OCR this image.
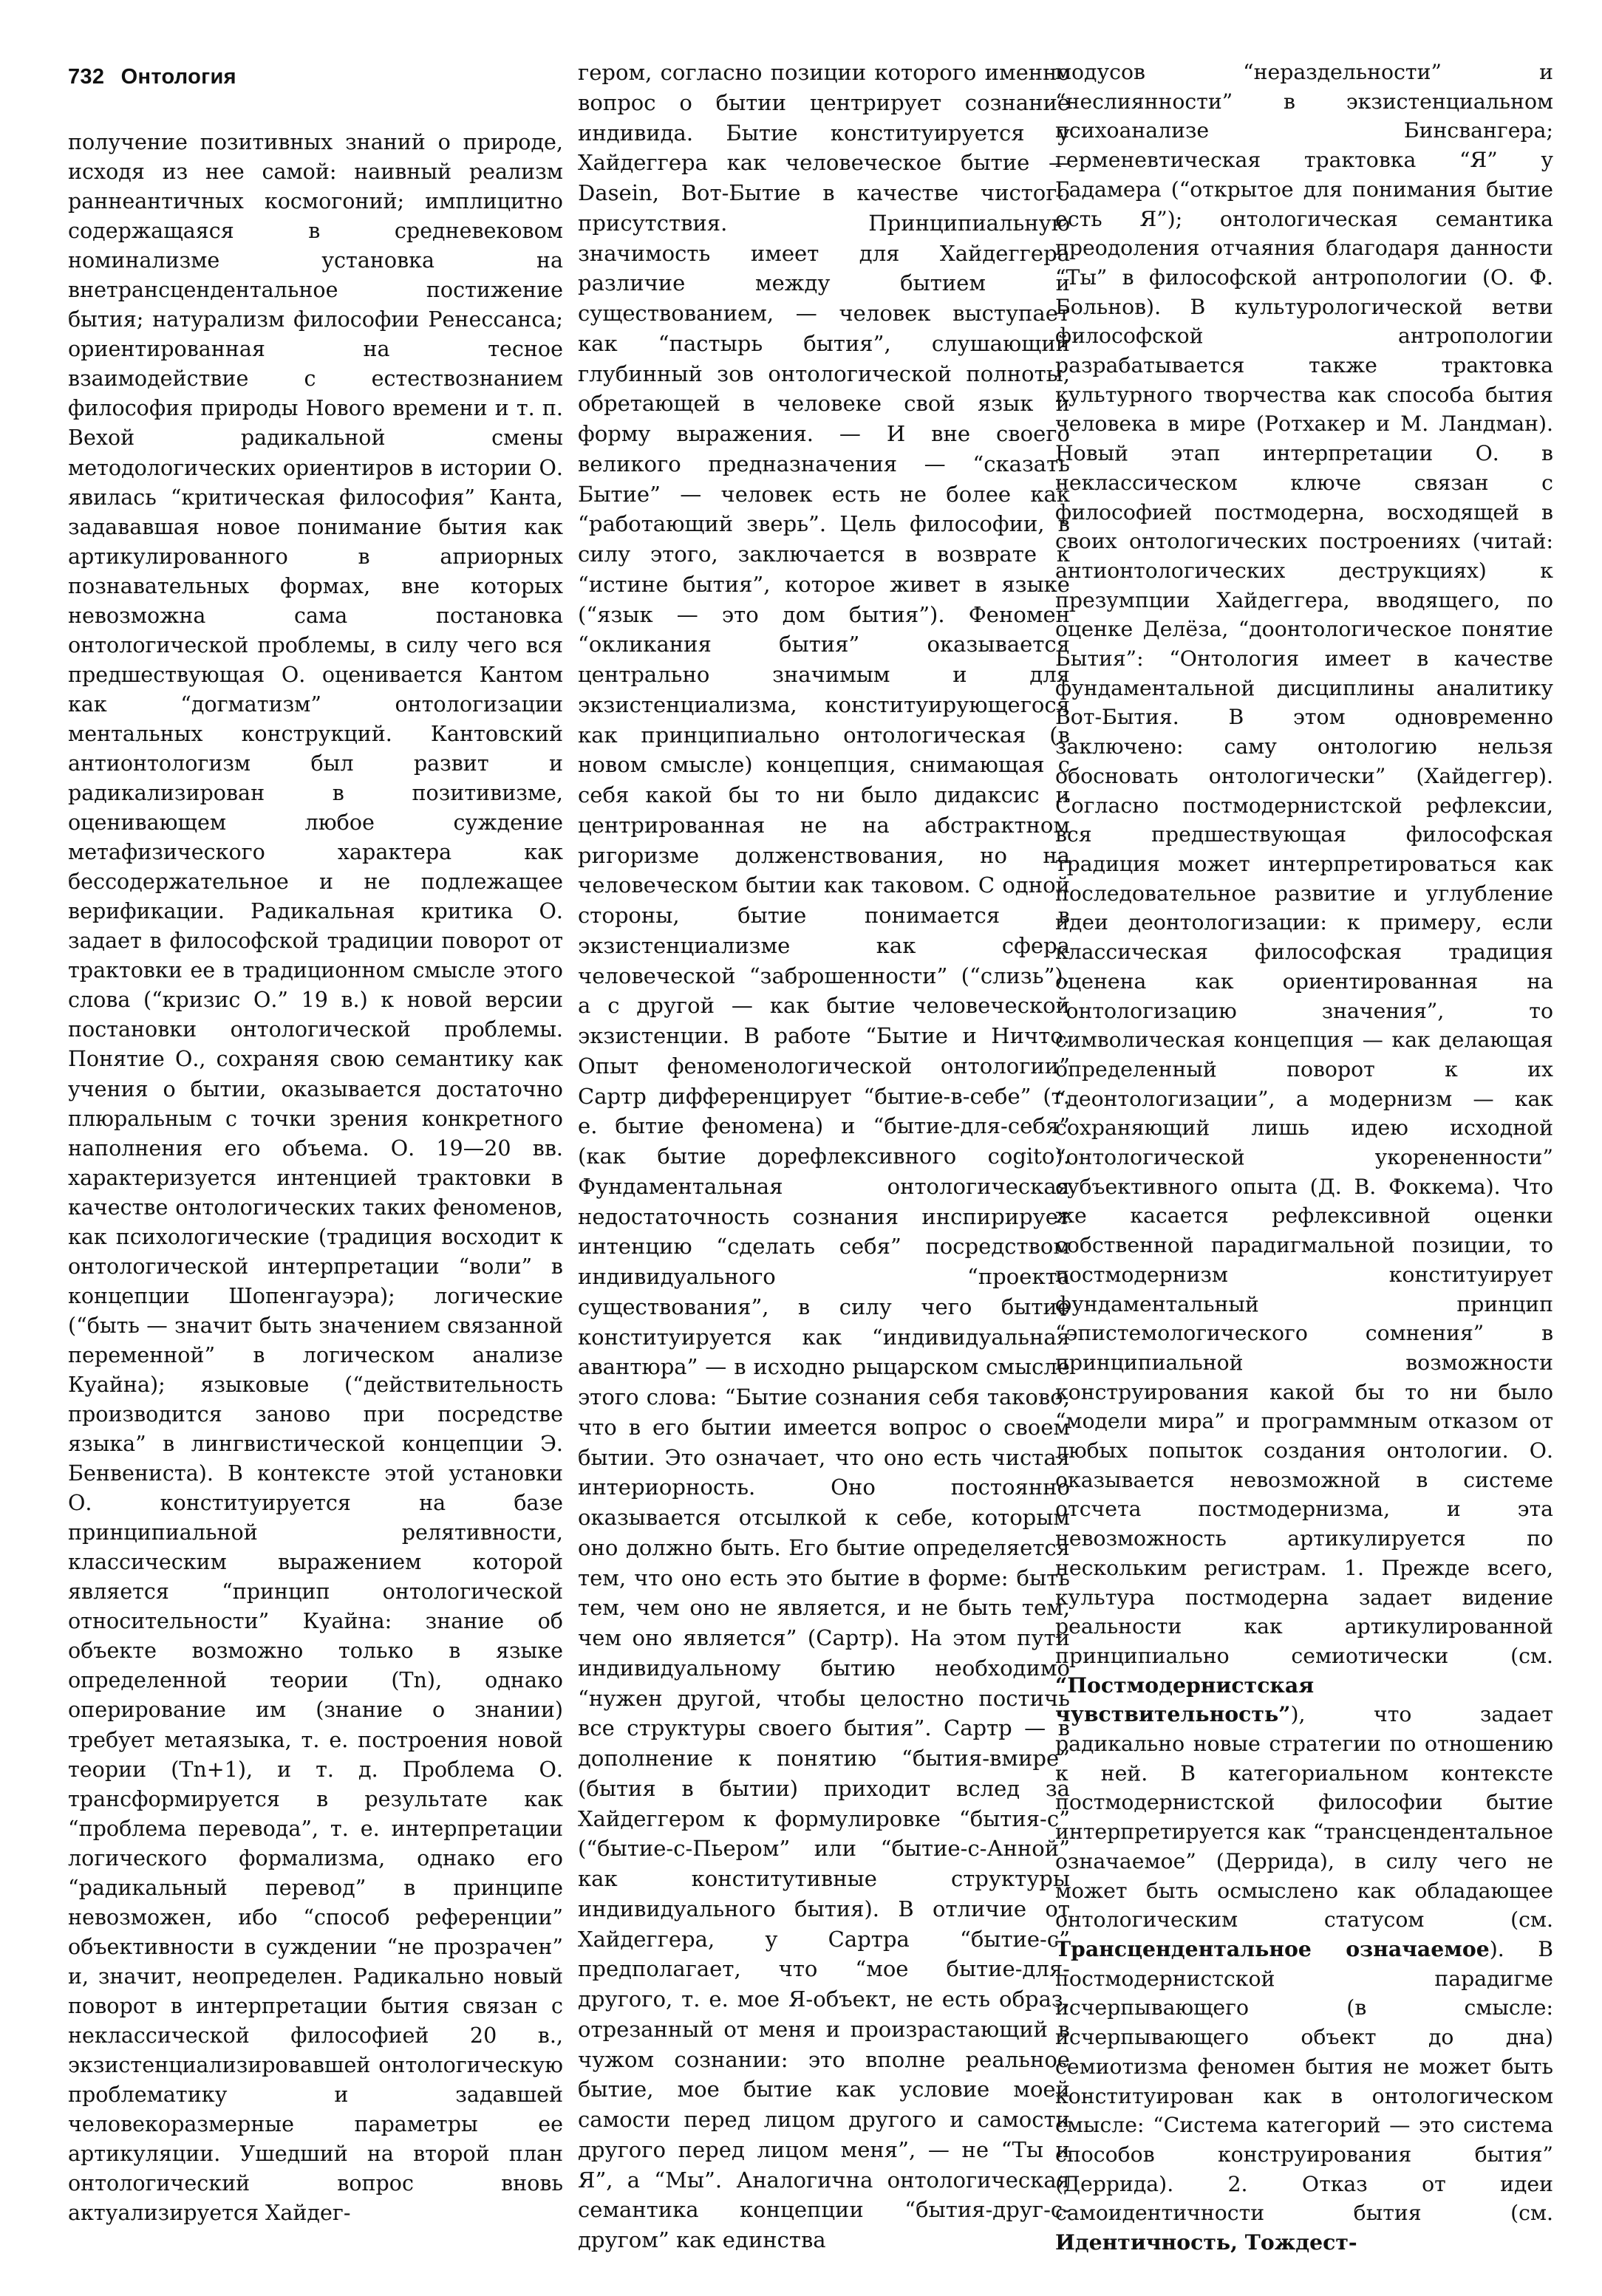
732 Онтология

получение позитивных знаний о природе, исходя из нее самой: наивный реализм раннеантичных космогоний; имплицитно содержащаяся в средневековом номинализме установка на внетрансцендентальное постижение бытия; натурализм философии Ренессанса; ориентированная на тесное взаимодействие с естествознанием философия природы Нового времени и т. п. Вехой радикальной смены методологических ориентиров в истории О. явилась “критическая философия” Канта, задававшая новое понимание бытия как артикулированного в априорных познавательных формах, вне которых невозможна сама постановка онтологической проблемы, в силу чего вся предшествующая О. оценивается Кантом как “догматизм” онтологизации ментальных конструкций. Кантовский антионтологизм был развит и радикализирован в позитивизме, оценивающем любое суждение метафизического характера как бессодержательное и не подлежащее верификации. Радикальная критика О. задает в философской традиции поворот от трактовки ее в традиционном смысле этого слова (“кризис О.” 19 в.) к новой версии постановки онтологической проблемы. Понятие О., сохраняя свою семантику как учения о бытии, оказывается достаточно плюральным с точки зрения конкретного наполнения его объема. О. 19—20 вв. характеризуется интенцией трактовки в качестве онтологических таких феноменов, как психологические (традиция восходит к онтологической интерпретации “воли” в концепции Шопенгауэра); логические (“быть — значит быть значением связанной переменной” в логическом анализе Куайна); языковые (“действительность производится заново при посредстве языка” в лингвистической концепции Э. Бенвениста). В контексте этой установки О. конституируется на базе принципиальной релятивности, классическим выражением которой является “принцип онтологической относительности” Куайна: знание об объекте возможно только в языке определенной теории (Тn), однако оперирование им (знание о знании) требует метаязыка, т. е. построения новой теории (Тn+1), и т. д. Проблема О. трансформируется в результате как “проблема перевода”, т. е. интерпретации логического формализма, однако его “радикальный перевод” в принципе невозможен, ибо “способ референции” объективности в суждении “не прозрачен” и, значит, неопределен. Радикально новый поворот в интерпретации бытия связан с неклассической философией 20 в., экзистенциализировавшей онтологическую проблематику и задавшей человекоразмерные параметры ее артикуляции. Ушедший на второй план онтологический вопрос вновь актуализируется Хайдег-

гером, согласно позиции которого именно вопрос о бытии центрирует сознание индивида. Бытие конституируется у Хайдеггера как человеческое бытие — Dasein, Вот-Бытие в качестве чистого присутствия. Принципиальную значимость имеет для Хайдеггера различие между бытием и существованием, — человек выступает как “пастырь бытия”, слушающий глубинный зов онтологической полноты, обретающей в человеке свой язык и форму выражения. — И вне своего великого предназначения — “сказать Бытие” — человек есть не более как “работающий зверь”. Цель философии, в силу этого, заключается в возврате к “истине бытия”, которое живет в языке (“язык — это дом бытия”). Феномен “окликания бытия” оказывается центрально значимым и для экзистенциализма, конституирующегося как принципиально онтологическая (в новом смысле) концепция, снимающая с себя какой бы то ни было дидаксис и центрированная не на абстрактном ригоризме долженствования, но на человеческом бытии как таковом. С одной стороны, бытие понимается в экзистенциализме как сфера человеческой “заброшенности” (“слизь”), а с другой — как бытие человеческой экзистенции. В работе “Бытие и Ничто. Опыт феноменологической онтологии” Сартр дифференцирует “бытие-в-себе” (т. е. бытие феномена) и “бытие-для-себя” (как бытие дорефлексивного cogito). Фундаментальная онтологическая недостаточность сознания инспирирует интенцию “сделать себя” посредством индивидуального “проекта существования”, в силу чего бытие конституируется как “индивидуальная авантюра” — в исходно рыцарском смысле этого слова: “Бытие сознания себя таково, что в его бытии имеется вопрос о своем бытии. Это означает, что оно есть чистая интериорность. Оно постоянно оказывается отсылкой к себе, которым оно должно быть. Его бытие определяется тем, что оно есть это бытие в форме: быть тем, чем оно не является, и не быть тем, чем оно является” (Сартр). На этом пути индивидуальному бытию необходимо “нужен другой, чтобы целостно постичь все структуры своего бытия”. Сартр — в дополнение к понятию “бытия-вмире” (бытия в бытии) приходит вслед за Хайдеггером к формулировке “бытия-с” (“бытие-с-Пьером” или “бытие-с-Анной” как конститутивные структуры индивидуального бытия). В отличие от Хайдеггера, у Сартра “бытие-с” предполагает, что “мое бытие-для-другого, т. е. мое Я-объект, не есть образ, отрезанный от меня и произрастающий в чужом сознании: это вполне реальное бытие, мое бытие как условие моей самости перед лицом другого и самости другого перед лицом меня”, — не “Ты и Я”, а “Мы”. Аналогична онтологическая семантика концепции “бытия-друг-с-другом” как единства

модусов “нераздельности” и “неслиянности” в экзистенциальном психоанализе Бинсвангера; герменевтическая трактовка “Я” у Гадамера (“открытое для понимания бытие есть Я”); онтологическая семантика преодоления отчаяния благодаря данности “Ты” в философской антропологии (О. Ф. Больнов). В культурологической ветви философской антропологии разрабатывается также трактовка культурного творчества как способа бытия человека в мире (Ротхакер и М. Ландман). Новый этап интерпретации О. в неклассическом ключе связан с философией постмодерна, восходящей в своих онтологических построениях (читай: антионтологических деструкциях) к презумпции Хайдеггера, вводящего, по оценке Делёза, “доонтологическое понятие Бытия”: “Онтология имеет в качестве фундаментальной дисциплины аналитику Вот-Бытия. В этом одновременно заключено: саму онтологию нельзя обосновать онтологически” (Хайдеггер). Согласно постмодернистской рефлексии, вся предшествующая философская традиция может интерпретироваться как последовательное развитие и углубление идеи деонтологизации: к примеру, если классическая философская традиция оценена как ориентированная на “онтологизацию значения”, то символическая концепция — как делающая определенный поворот к их “деонтологизации”, а модернизм — как сохраняющий лишь идею исходной “онтологической укорененности” субъективного опыта (Д. В. Фоккема). Что же касается рефлексивной оценки собственной парадигмальной позиции, то постмодернизм конституирует фундаментальный принцип “эпистемологического сомнения” в принципиальной возможности конструирования какой бы то ни было “модели мира” и программным отказом от любых попыток создания онтологии. О. оказывается невозможной в системе отсчета постмодернизма, и эта невозможность артикулируется по нескольким регистрам. 1. Прежде всего, культура постмодерна задает видение реальности как артикулированной принципиально семиотически (см. “Постмодернистская чувствительность”), что задает радикально новые стратегии по отношению к ней. В категориальном контексте постмодернистской философии бытие интерпретируется как “трансцендентальное означаемое” (Деррида), в силу чего не может быть осмыслено как обладающее онтологическим статусом (см. Трансцендентальное означаемое). В постмодернистской парадигме исчерпывающего (в смысле: исчерпывающего объект до дна) семиотизма феномен бытия не может быть конституирован как в онтологическом смысле: “Система категорий — это система способов конструирования бытия” (Деррида). 2. Отказ от идеи самоидентичности бытия (см. Идентичность, Тождест-
